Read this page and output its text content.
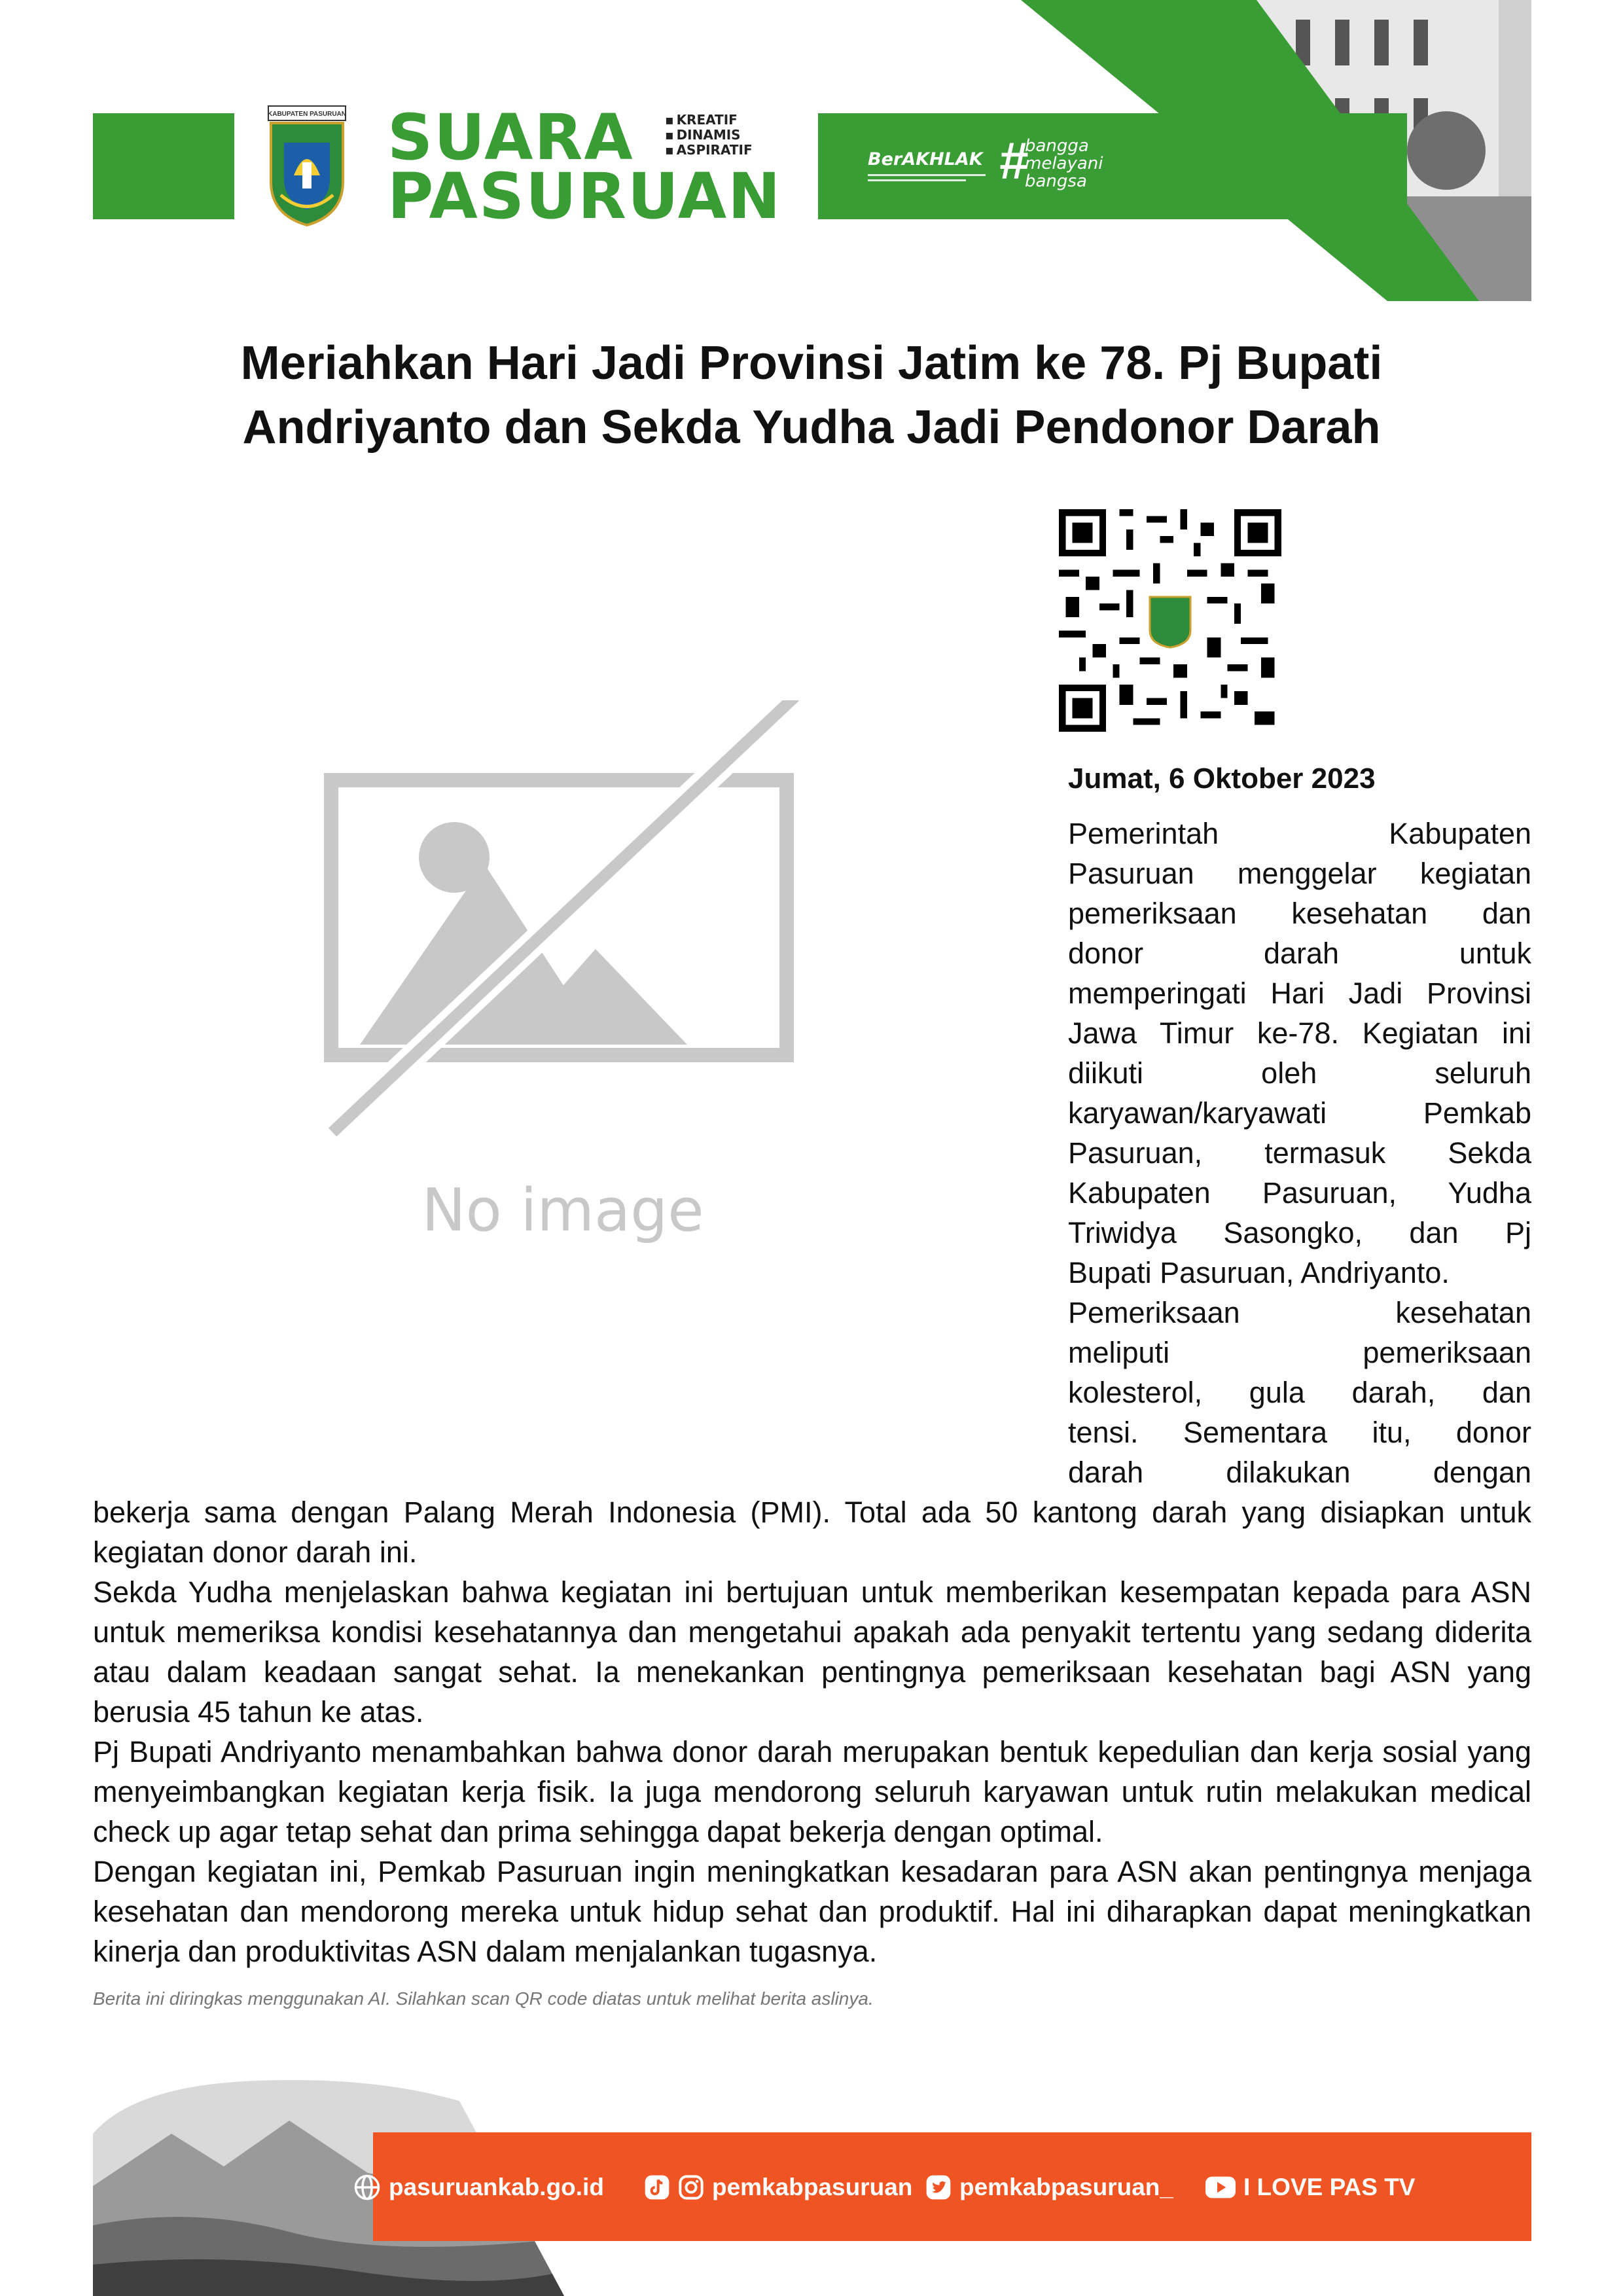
KABUPATEN PASURUAN SUARA
PASURUAN
▪ KREATIF
▪ DINAMIS
▪ ASPIRATIF	BerAKHLAK #
bangga
melayani
bangsa
Meriahkan Hari Jadi Provinsi Jatim ke 78. Pj Bupati Andriyanto dan Sekda Yudha Jadi Pendonor Darah
No image
Jumat, 6 Oktober 2023
Pemerintah Kabupaten
Pasuruan menggelar kegiatan
pemeriksaan kesehatan dan
donor darah untuk
memperingati Hari Jadi Provinsi
Jawa Timur ke-78. Kegiatan ini
diikuti oleh seluruh
karyawan/karyawati Pemkab
Pasuruan, termasuk Sekda
Kabupaten Pasuruan, Yudha
Triwidya Sasongko, dan Pj
Bupati Pasuruan, Andriyanto.
Pemeriksaan kesehatan
meliputi pemeriksaan
kolesterol, gula darah, dan
tensi. Sementara itu, donor
darah dilakukan dengan
bekerja sama dengan Palang Merah Indonesia (PMI). Total ada 50 kantong darah yang disiapkan untuk kegiatan donor darah ini.
Sekda Yudha menjelaskan bahwa kegiatan ini bertujuan untuk memberikan kesempatan kepada para ASN untuk memeriksa kondisi kesehatannya dan mengetahui apakah ada penyakit tertentu yang sedang diderita atau dalam keadaan sangat sehat. Ia menekankan pentingnya pemeriksaan kesehatan bagi ASN yang berusia 45 tahun ke atas.
Pj Bupati Andriyanto menambahkan bahwa donor darah merupakan bentuk kepedulian dan kerja sosial yang menyeimbangkan kegiatan kerja fisik. Ia juga mendorong seluruh karyawan untuk rutin melakukan medical check up agar tetap sehat dan prima sehingga dapat bekerja dengan optimal.
Dengan kegiatan ini, Pemkab Pasuruan ingin meningkatkan kesadaran para ASN akan pentingnya menjaga kesehatan dan mendorong mereka untuk hidup sehat dan produktif. Hal ini diharapkan dapat meningkatkan kinerja dan produktivitas ASN dalam menjalankan tugasnya.
Berita ini diringkas menggunakan AI. Silahkan scan QR code diatas untuk melihat berita aslinya.
pasuruankab.go.id	pemkabpasuruan pemkabpasuruan_	I LOVE PAS TV
